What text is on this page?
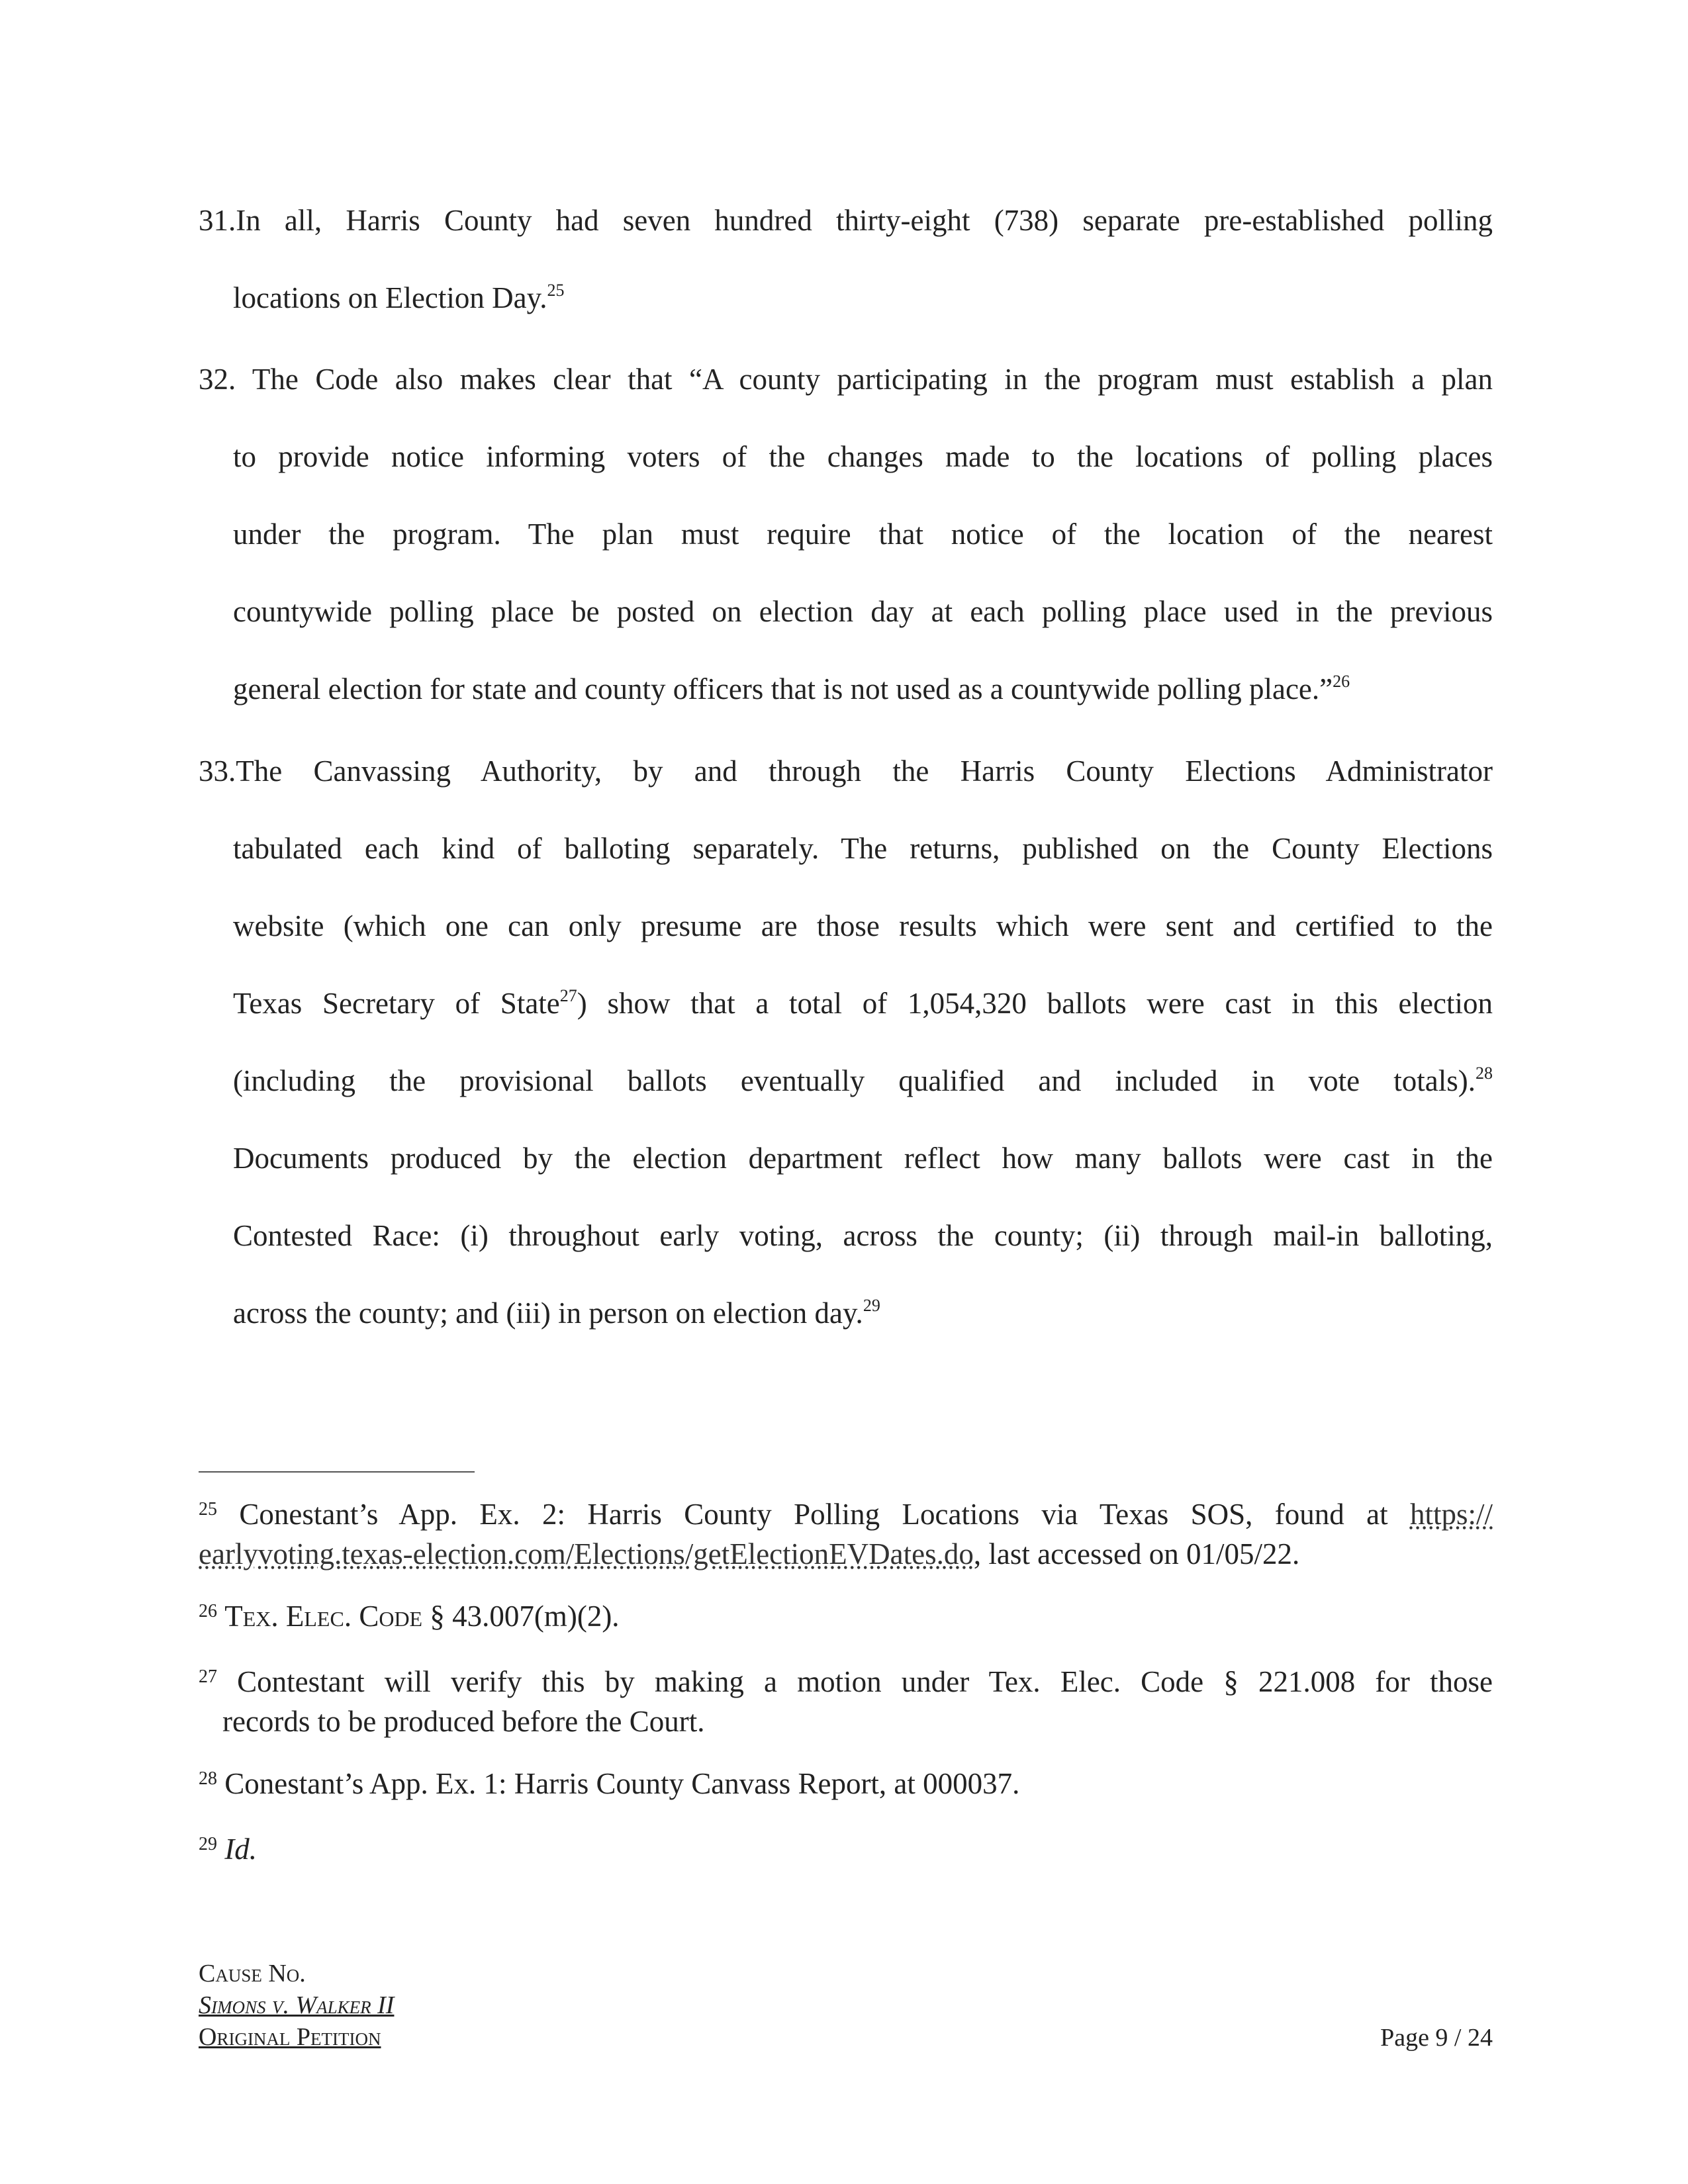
31.In all, Harris County had seven hundred thirty-eight (738) separate pre-established polling
locations on Election Day.$^{25}$
32. The Code also makes clear that “A county participating in the program must establish a plan
to provide notice informing voters of the changes made to the locations of polling places
under the program. The plan must require that notice of the location of the nearest
countywide polling place be posted on election day at each polling place used in the previous
general election for state and county officers that is not used as a countywide polling place.”$^{26}$
33.The Canvassing Authority, by and through the Harris County Elections Administrator
tabulated each kind of balloting separately. The returns, published on the County Elections
website (which one can only presume are those results which were sent and certified to the
Texas Secretary of State$^{27}$) show that a total of 1,054,320 ballots were cast in this election
(including the provisional ballots eventually qualified and included in vote totals).$^{28}$
Documents produced by the election department reflect how many ballots were cast in the
Contested Race: (i) throughout early voting, across the county; (ii) through mail-in balloting,
across the county; and (iii) in person on election day.$^{29}$
$^{25}$ Conestant’s App. Ex. 2: Harris County Polling Locations via Texas SOS, found at https://
earlyvoting.texas-election.com/Elections/getElectionEVDates.do, last accessed on 01/05/22.
$^{26}$ Tex. Elec. Code § 43.007(m)(2).
$^{27}$ Contestant will verify this by making a motion under Tex. Elec. Code § 221.008 for those
records to be produced before the Court.
$^{28}$ Conestant’s App. Ex. 1: Harris County Canvass Report, at 000037.
$^{29}$ Id.
Cause No.
Simons v. Walker II
Original Petition	Page 9 / 24
